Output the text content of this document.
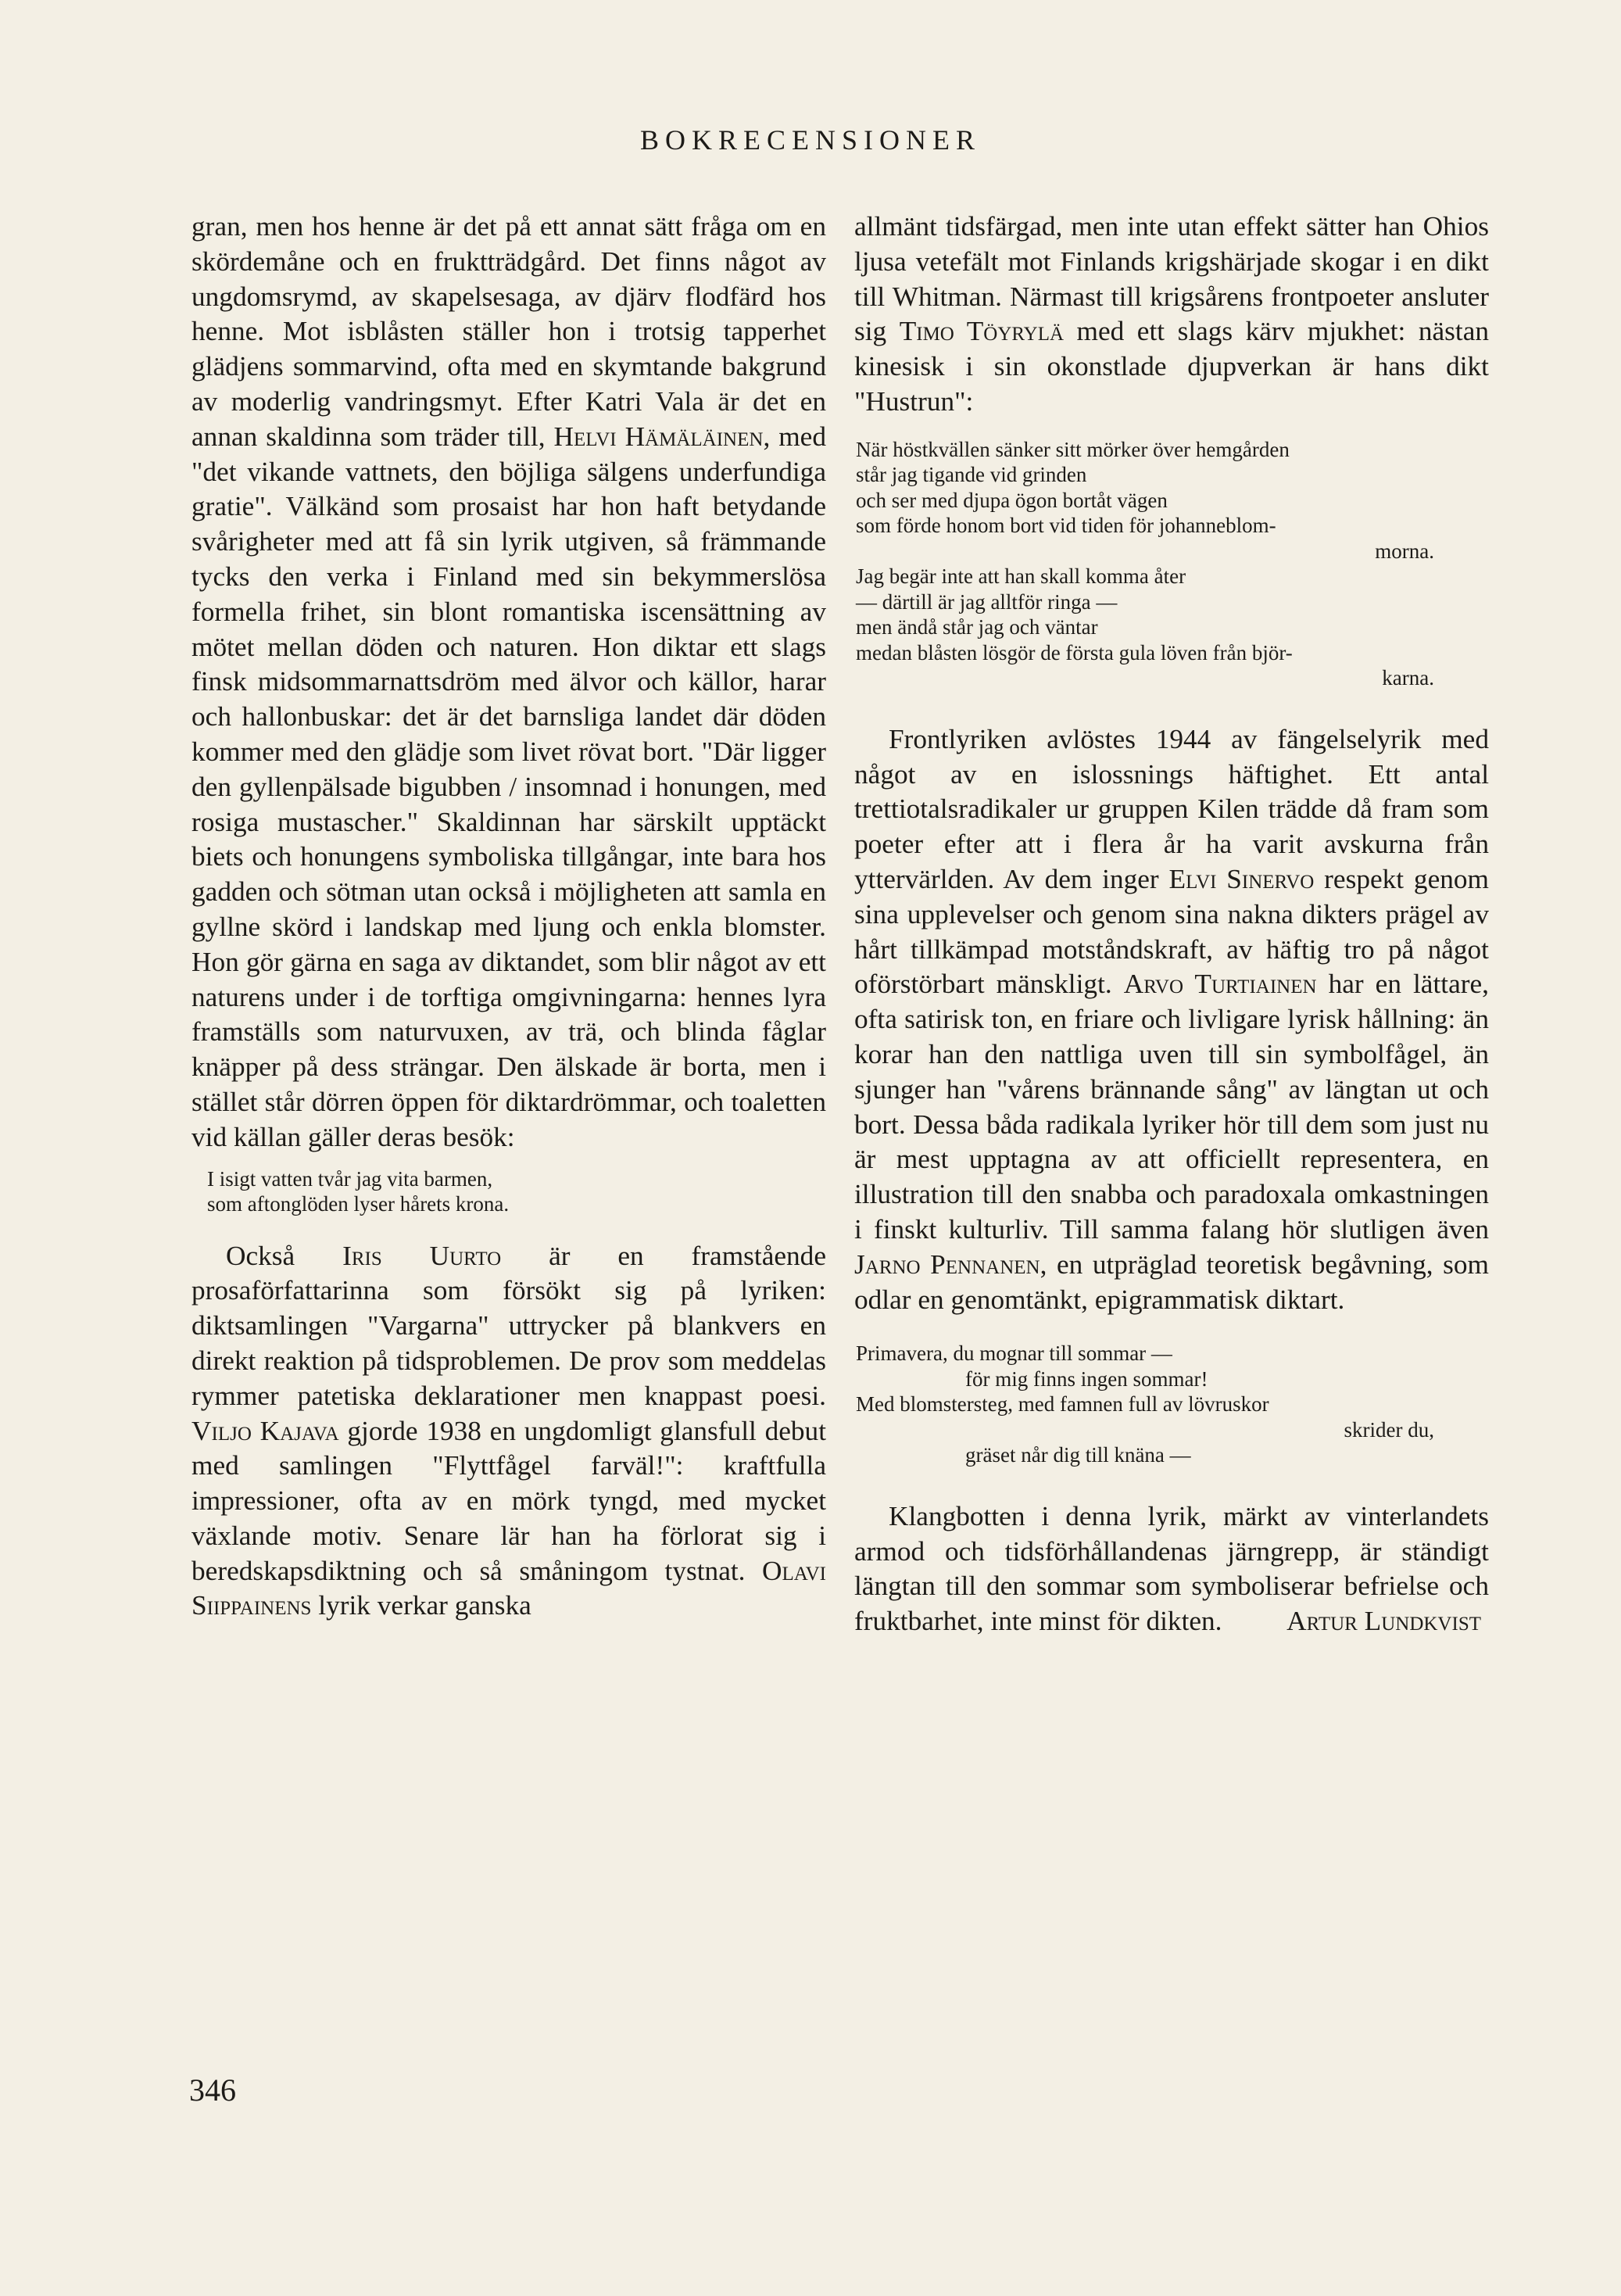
BOKRECENSIONER

gran, men hos henne är det på ett annat sätt fråga om en skördemåne och en fruktträdgård. Det finns något av ungdomsrymd, av skapelsesaga, av djärv flodfärd hos henne. Mot isblåsten ställer hon i trotsig tapperhet glädjens sommarvind, ofta med en skymtande bakgrund av moderlig vandringsmyt. Efter Katri Vala är det en annan skaldinna som träder till, Helvi Hämäläinen, med "det vikande vattnets, den böjliga sälgens underfundiga gratie". Välkänd som prosaist har hon haft betydande svårigheter med att få sin lyrik utgiven, så främmande tycks den verka i Finland med sin bekymmerslösa formella frihet, sin blont romantiska iscensättning av mötet mellan döden och naturen. Hon diktar ett slags finsk midsommarnattsdröm med älvor och källor, harar och hallonbuskar: det är det barnsliga landet där döden kommer med den glädje som livet rövat bort. "Där ligger den gyllenpälsade bigubben / insomnad i honungen, med rosiga mustascher." Skaldinnan har särskilt upptäckt biets och honungens symboliska tillgångar, inte bara hos gadden och sötman utan också i möjligheten att samla en gyllne skörd i landskap med ljung och enkla blomster. Hon gör gärna en saga av diktandet, som blir något av ett naturens under i de torftiga omgivningarna: hennes lyra framställs som naturvuxen, av trä, och blinda fåglar knäpper på dess strängar. Den älskade är borta, men i stället står dörren öppen för diktardrömmar, och toaletten vid källan gäller deras besök:

I isigt vatten tvår jag vita barmen,
som aftonglöden lyser hårets krona.

Också Iris Uurto är en framstående prosaförfattarinna som försökt sig på lyriken: diktsamlingen "Vargarna" uttrycker på blankvers en direkt reaktion på tidsproblemen. De prov som meddelas rymmer patetiska deklarationer men knappast poesi. Viljo Kajava gjorde 1938 en ungdomligt glansfull debut med samlingen "Flyttfågel farväl!": kraftfulla impressioner, ofta av en mörk tyngd, med mycket växlande motiv. Senare lär han ha förlorat sig i beredskapsdiktning och så småningom tystnat. Olavi Siippainens lyrik verkar ganska

allmänt tidsfärgad, men inte utan effekt sätter han Ohios ljusa vetefält mot Finlands krigshärjade skogar i en dikt till Whitman. Närmast till krigsårens frontpoeter ansluter sig Timo Töyrylä med ett slags kärv mjukhet: nästan kinesisk i sin okonstlade djupverkan är hans dikt "Hustrun":

När höstkvällen sänker sitt mörker över hemgården
står jag tigande vid grinden
och ser med djupa ögon bortåt vägen
som förde honom bort vid tiden för johanneblom-
morna.
Jag begär inte att han skall komma åter
— därtill är jag alltför ringa —
men ändå står jag och väntar
medan blåsten lösgör de första gula löven från björ-
karna.

Frontlyriken avlöstes 1944 av fängelselyrik med något av en islossnings häftighet. Ett antal trettiotalsradikaler ur gruppen Kilen trädde då fram som poeter efter att i flera år ha varit avskurna från yttervärlden. Av dem inger Elvi Sinervo respekt genom sina upplevelser och genom sina nakna dikters prägel av hårt tillkämpad motståndskraft, av häftig tro på något oförstörbart mänskligt. Arvo Turtiainen har en lättare, ofta satirisk ton, en friare och livligare lyrisk hållning: än korar han den nattliga uven till sin symbolfågel, än sjunger han "vårens brännande sång" av längtan ut och bort. Dessa båda radikala lyriker hör till dem som just nu är mest upptagna av att officiellt representera, en illustration till den snabba och paradoxala omkastningen i finskt kulturliv. Till samma falang hör slutligen även Jarno Pennanen, en utpräglad teoretisk begåvning, som odlar en genomtänkt, epigrammatisk diktart.

Primavera, du mognar till sommar —
för mig finns ingen sommar!
Med blomstersteg, med famnen full av lövruskor
skrider du,
gräset når dig till knäna —

Klangbotten i denna lyrik, märkt av vinterlandets armod och tidsförhållandenas järngrepp, är ständigt längtan till den sommar som symboliserar befrielse och fruktbarhet, inte minst för dikten.	Artur Lundkvist

346
